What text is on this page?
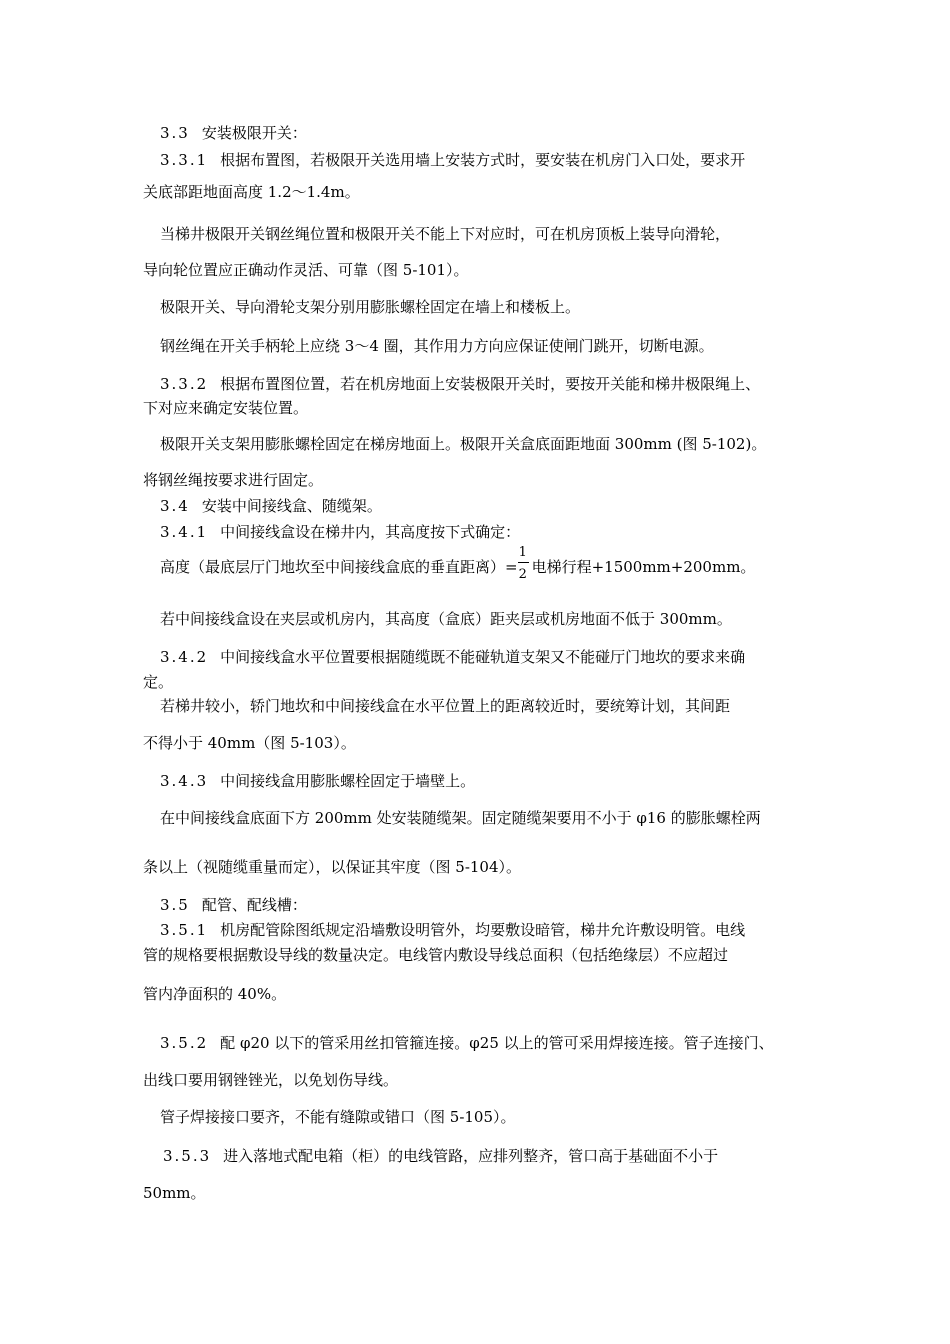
3.3 安装极限开关：
3.3.1 根据布置图，若极限开关选用墙上安装方式时，要安装在机房门入口处，要求开
关底部距地面高度 1.2～1.4m。
当梯井极限开关钢丝绳位置和极限开关不能上下对应时，可在机房顶板上装导向滑轮，
导向轮位置应正确动作灵活、可靠（图 5-101）。
极限开关、导向滑轮支架分别用膨胀螺栓固定在墙上和楼板上。
钢丝绳在开关手柄轮上应绕 3～4 圈，其作用力方向应保证使闸门跳开，切断电源。
3.3.2 根据布置图位置，若在机房地面上安装极限开关时，要按开关能和梯井极限绳上、
下对应来确定安装位置。
极限开关支架用膨胀螺栓固定在梯房地面上。极限开关盒底面距地面 300mm (图 5-102)。
将钢丝绳按要求进行固定。
3.4 安装中间接线盒、随缆架。
3.4.1 中间接线盒设在梯井内，其高度按下式确定：
高度（最底层厅门地坎至中间接线盒底的垂直距离）= $\frac{1}{2}$ 电梯行程+1500mm+200mm。
若中间接线盒设在夹层或机房内，其高度（盒底）距夹层或机房地面不低于 300mm。
3.4.2 中间接线盒水平位置要根据随缆既不能碰轨道支架又不能碰厅门地坎的要求来确
定。
若梯井较小，轿门地坎和中间接线盒在水平位置上的距离较近时，要统筹计划，其间距
不得小于 40mm（图 5-103）。
3.4.3 中间接线盒用膨胀螺栓固定于墙壁上。
在中间接线盒底面下方 200mm 处安装随缆架。固定随缆架要用不小于 φ16 的膨胀螺栓两
条以上（视随缆重量而定），以保证其牢度（图 5-104）。
3.5 配管、配线槽：
3.5.1 机房配管除图纸规定沿墙敷设明管外，均要敷设暗管，梯井允许敷设明管。电线
管的规格要根据敷设导线的数量决定。电线管内敷设导线总面积（包括绝缘层）不应超过
管内净面积的 40%。
3.5.2 配 φ20 以下的管采用丝扣管箍连接。φ25 以上的管可采用焊接连接。管子连接门、
出线口要用钢锉锉光，以免划伤导线。
管子焊接接口要齐，不能有缝隙或错口（图 5-105）。
3.5.3 进入落地式配电箱（柜）的电线管路，应排列整齐，管口高于基础面不小于
50mm。
